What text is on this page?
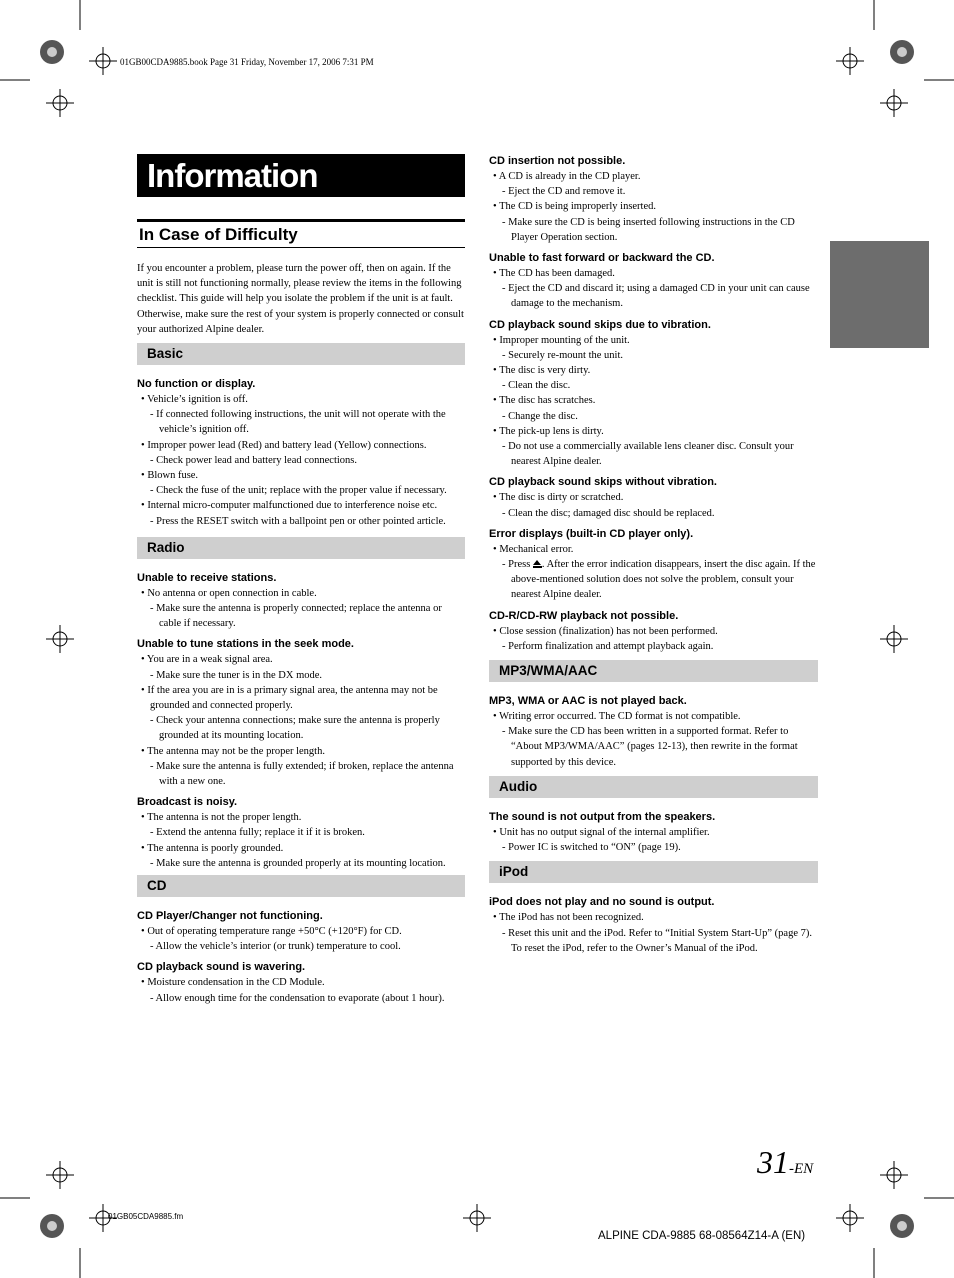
01GB00CDA9885.book Page 31 Friday, November 17, 2006 7:31 PM
Information
In Case of Difficulty
If you encounter a problem, please turn the power off, then on again. If the unit is still not functioning normally, please review the items in the following checklist. This guide will help you isolate the problem if the unit is at fault. Otherwise, make sure the rest of your system is properly connected or consult your authorized Alpine dealer.
Basic
No function or display.
• Vehicle’s ignition is off.
- If connected following instructions, the unit will not operate with the vehicle’s ignition off.
• Improper power lead (Red) and battery lead (Yellow) connections.
- Check power lead and battery lead connections.
• Blown fuse.
- Check the fuse of the unit; replace with the proper value if necessary.
• Internal micro-computer malfunctioned due to interference noise etc.
- Press the RESET switch with a ballpoint pen or other pointed article.
Radio
Unable to receive stations.
• No antenna or open connection in cable.
- Make sure the antenna is properly connected; replace the antenna or cable if necessary.
Unable to tune stations in the seek mode.
• You are in a weak signal area.
- Make sure the tuner is in the DX mode.
• If the area you are in is a primary signal area, the antenna may not be grounded and connected properly.
- Check your antenna connections; make sure the antenna is properly grounded at its mounting location.
• The antenna may not be the proper length.
- Make sure the antenna is fully extended; if broken, replace the antenna with a new one.
Broadcast is noisy.
• The antenna is not the proper length.
- Extend the antenna fully; replace it if it is broken.
• The antenna is poorly grounded.
- Make sure the antenna is grounded properly at its mounting location.
CD
CD Player/Changer not functioning.
• Out of operating temperature range +50°C (+120°F) for CD.
- Allow the vehicle’s interior (or trunk) temperature to cool.
CD playback sound is wavering.
• Moisture condensation in the CD Module.
- Allow enough time for the condensation to evaporate (about 1 hour).
CD insertion not possible.
• A CD is already in the CD player.
- Eject the CD and remove it.
• The CD is being improperly inserted.
- Make sure the CD is being inserted following instructions in the CD Player Operation section.
Unable to fast forward or backward the CD.
• The CD has been damaged.
- Eject the CD and discard it; using a damaged CD in your unit can cause damage to the mechanism.
CD playback sound skips due to vibration.
• Improper mounting of the unit.
- Securely re-mount the unit.
• The disc is very dirty.
- Clean the disc.
• The disc has scratches.
- Change the disc.
• The pick-up lens is dirty.
- Do not use a commercially available lens cleaner disc. Consult your nearest Alpine dealer.
CD playback sound skips without vibration.
• The disc is dirty or scratched.
- Clean the disc; damaged disc should be replaced.
Error displays (built-in CD player only).
• Mechanical error.
- Press . After the error indication disappears, insert the disc again. If the above-mentioned solution does not solve the problem, consult your nearest Alpine dealer.
CD-R/CD-RW playback not possible.
• Close session (finalization) has not been performed.
- Perform finalization and attempt playback again.
MP3/WMA/AAC
MP3, WMA or AAC is not played back.
• Writing error occurred. The CD format is not compatible.
- Make sure the CD has been written in a supported format. Refer to “About MP3/WMA/AAC” (pages 12-13), then rewrite in the format supported by this device.
Audio
The sound is not output from the speakers.
• Unit has no output signal of the internal amplifier.
- Power IC is switched to “ON” (page 19).
iPod
iPod does not play and no sound is output.
• The iPod has not been recognized.
- Reset this unit and the iPod. Refer to “Initial System Start-Up” (page 7). To reset the iPod, refer to the Owner’s Manual of the iPod.
31-EN
01GB05CDA9885.fm
ALPINE CDA-9885 68-08564Z14-A (EN)
